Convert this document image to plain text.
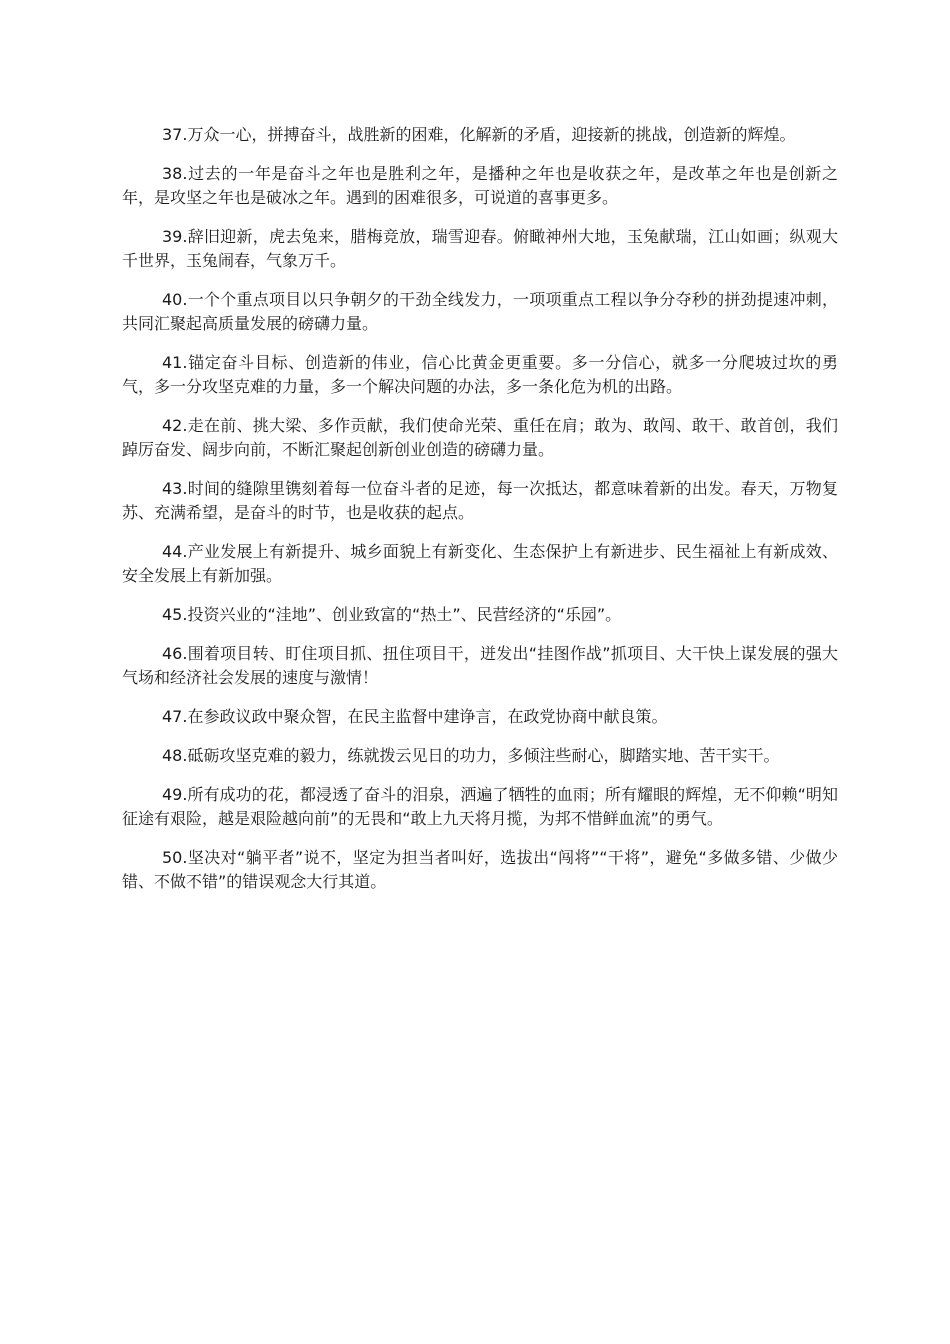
37.万众一心，拼搏奋斗，战胜新的困难，化解新的矛盾，迎接新的挑战，创造新的辉煌。

38.过去的一年是奋斗之年也是胜利之年，是播种之年也是收获之年，是改革之年也是创新之年，是攻坚之年也是破冰之年。遇到的困难很多，可说道的喜事更多。

39.辞旧迎新，虎去兔来，腊梅竞放，瑞雪迎春。俯瞰神州大地，玉兔献瑞，江山如画；纵观大千世界，玉兔闹春，气象万千。

40.一个个重点项目以只争朝夕的干劲全线发力，一项项重点工程以争分夺秒的拼劲提速冲刺，共同汇聚起高质量发展的磅礴力量。

41.锚定奋斗目标、创造新的伟业，信心比黄金更重要。多一分信心，就多一分爬坡过坎的勇气，多一分攻坚克难的力量，多一个解决问题的办法，多一条化危为机的出路。

42.走在前、挑大梁、多作贡献，我们使命光荣、重任在肩；敢为、敢闯、敢干、敢首创，我们踔厉奋发、阔步向前，不断汇聚起创新创业创造的磅礴力量。

43.时间的缝隙里镌刻着每一位奋斗者的足迹，每一次抵达，都意味着新的出发。春天，万物复苏、充满希望，是奋斗的时节，也是收获的起点。

44.产业发展上有新提升、城乡面貌上有新变化、生态保护上有新进步、民生福祉上有新成效、安全发展上有新加强。

45.投资兴业的“洼地”、创业致富的“热土”、民营经济的“乐园”。

46.围着项目转、盯住项目抓、扭住项目干，迸发出“挂图作战”抓项目、大干快上谋发展的强大气场和经济社会发展的速度与激情！

47.在参政议政中聚众智，在民主监督中建诤言，在政党协商中献良策。

48.砥砺攻坚克难的毅力，练就拨云见日的功力，多倾注些耐心，脚踏实地、苦干实干。

49.所有成功的花，都浸透了奋斗的泪泉，洒遍了牺牲的血雨；所有耀眼的辉煌，无不仰赖“明知征途有艰险，越是艰险越向前”的无畏和“敢上九天将月揽，为邦不惜鲜血流”的勇气。

50.坚决对“躺平者”说不，坚定为担当者叫好，选拔出“闯将”“干将”，避免“多做多错、少做少错、不做不错”的错误观念大行其道。
